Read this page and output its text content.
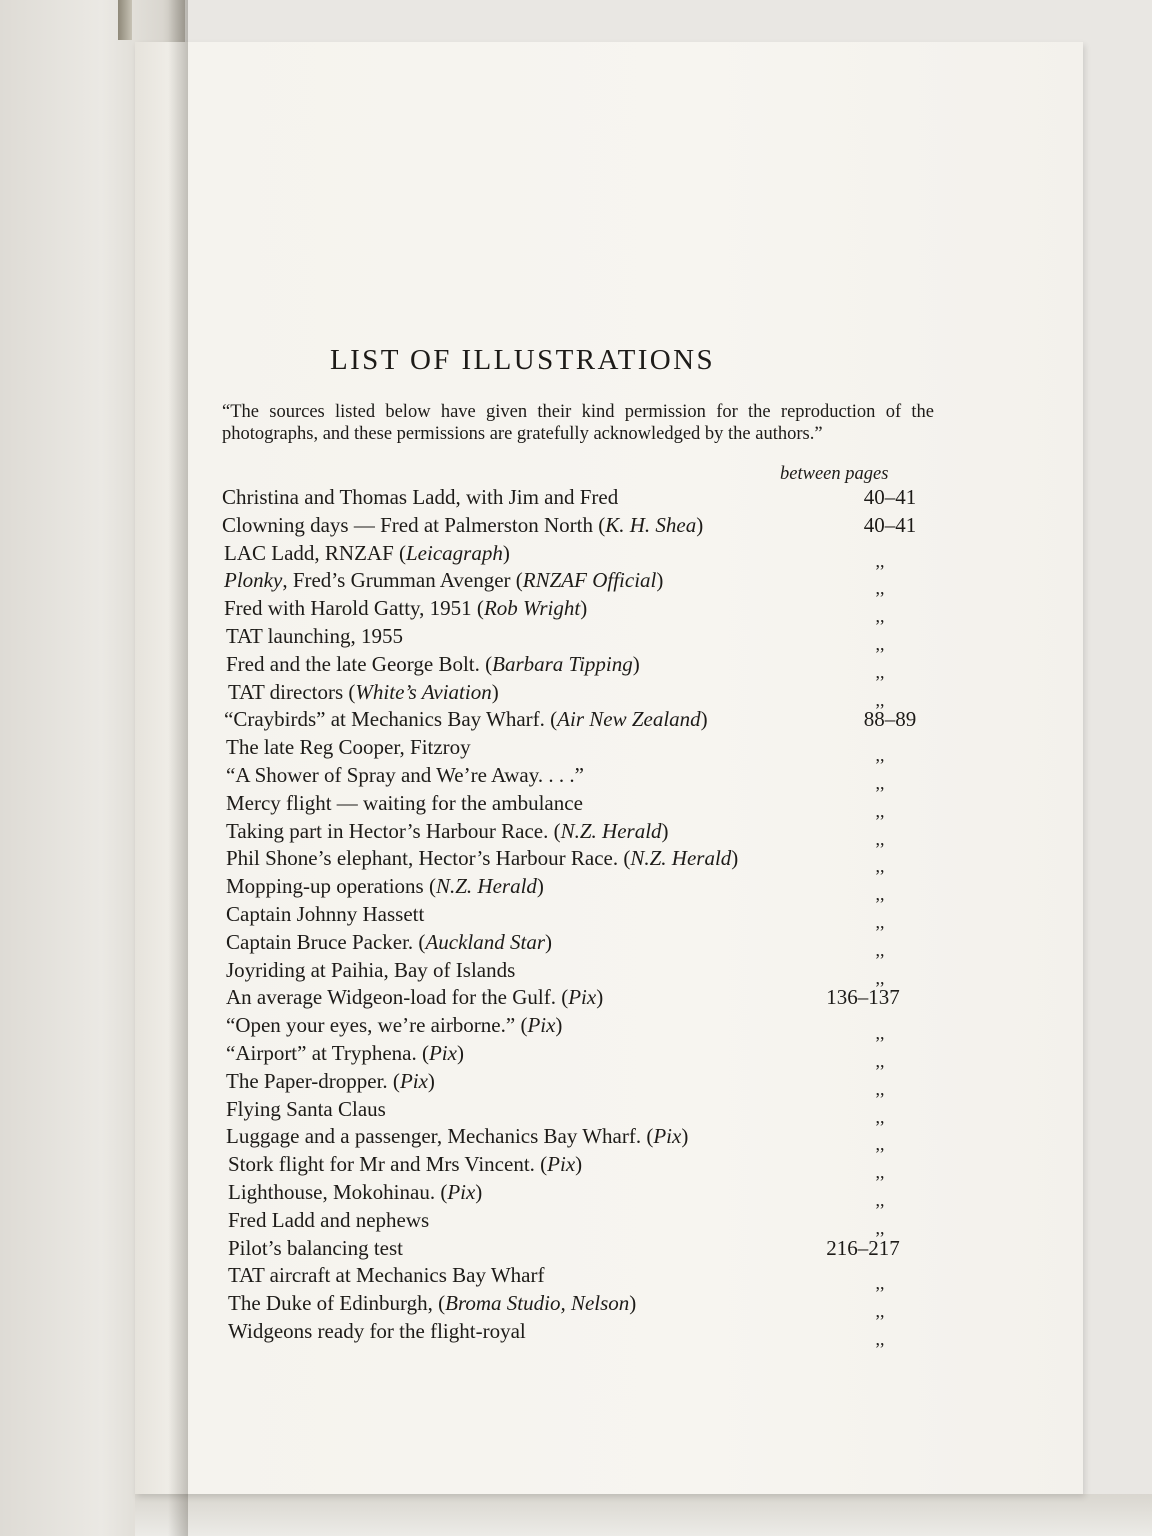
LIST OF ILLUSTRATIONS
“The sources listed below have given their kind permission for the reproduction of the photographs, and these permissions are gratefully acknowledged by the authors.”
between pages
Christina and Thomas Ladd, with Jim and Fred	40–41
Clowning days — Fred at Palmerston North (K. H. Shea)	40–41
LAC Ladd, RNZAF (Leicagraph)	,,
Plonky, Fred’s Grumman Avenger (RNZAF Official)	,,
Fred with Harold Gatty, 1951 (Rob Wright)	,,
TAT launching, 1955	,,
Fred and the late George Bolt. (Barbara Tipping)	,,
TAT directors (White’s Aviation)	,,
“Craybirds” at Mechanics Bay Wharf. (Air New Zealand)	88–89
The late Reg Cooper, Fitzroy	,,
“A Shower of Spray and We’re Away. . . .”	,,
Mercy flight — waiting for the ambulance	,,
Taking part in Hector’s Harbour Race. (N.Z. Herald)	,,
Phil Shone’s elephant, Hector’s Harbour Race. (N.Z. Herald)	,,
Mopping-up operations (N.Z. Herald)	,,
Captain Johnny Hassett	,,
Captain Bruce Packer. (Auckland Star)	,,
Joyriding at Paihia, Bay of Islands	,,
An average Widgeon-load for the Gulf. (Pix)	136–137
“Open your eyes, we’re airborne.” (Pix)	,,
“Airport” at Tryphena. (Pix)	,,
The Paper-dropper. (Pix)	,,
Flying Santa Claus	,,
Luggage and a passenger, Mechanics Bay Wharf. (Pix)	,,
Stork flight for Mr and Mrs Vincent. (Pix)	,,
Lighthouse, Mokohinau. (Pix)	,,
Fred Ladd and nephews	,,
Pilot’s balancing test	216–217
TAT aircraft at Mechanics Bay Wharf	,,
The Duke of Edinburgh, (Broma Studio, Nelson)	,,
Widgeons ready for the flight-royal	,,
